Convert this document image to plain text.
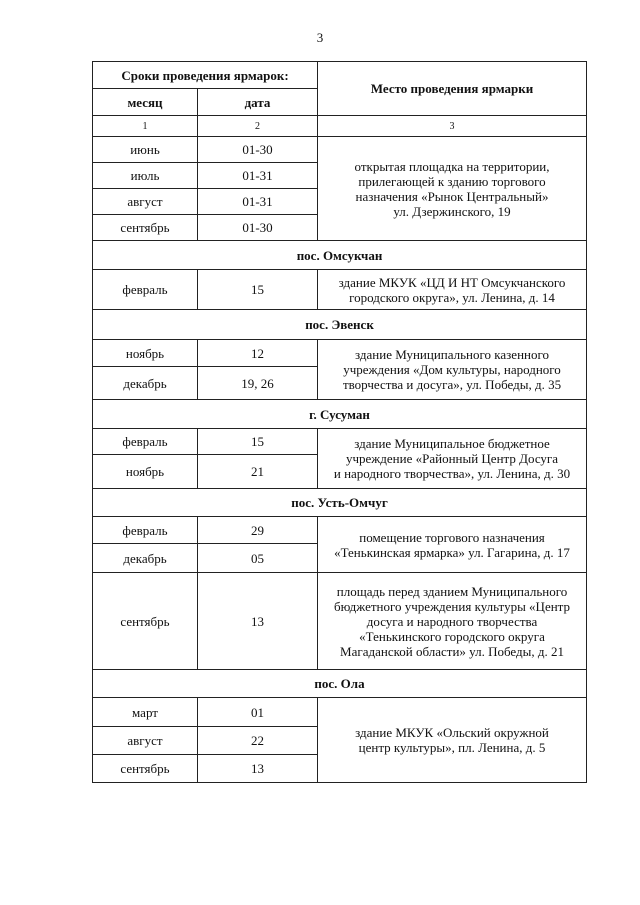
3
Сроки проведения ярмарок:		Место проведения ярмарки
месяц	дата	
1	2	3
июнь	01-30	открытая площадка на территории,
прилегающей к зданию торгового
назначения «Рынок Центральный»
ул. Дзержинского, 19

июль	01-31	
август	01-31	
сентябрь	01-30	
пос. Омсукчан		
февраль	15	здание МКУК «ЦД И НТ Омсукчанского
городского округа», ул. Ленина, д. 14

пос. Эвенск		
ноябрь	12	здание Муниципального казенного
учреждения «Дом культуры, народного
творчества и досуга», ул. Победы, д. 35

декабрь	19, 26	
г. Сусуман		
февраль	15	здание Муниципальное бюджетное
учреждение «Районный Центр Досуга
и народного творчества», ул. Ленина, д. 30

ноябрь	21	
пос. Усть-Омчуг		
февраль	29	помещение торгового назначения
«Тенькинская ярмарка» ул. Гагарина, д. 17

декабрь	05	
сентябрь	13	площадь перед зданием Муниципального
бюджетного учреждения культуры «Центр
досуга и народного творчества
«Тенькинского городского округа
Магаданской области» ул. Победы, д. 21

пос. Ола		
март	01	здание МКУК «Ольский окружной
центр культуры», пл. Ленина, д. 5

август	22	
сентябрь	13	
